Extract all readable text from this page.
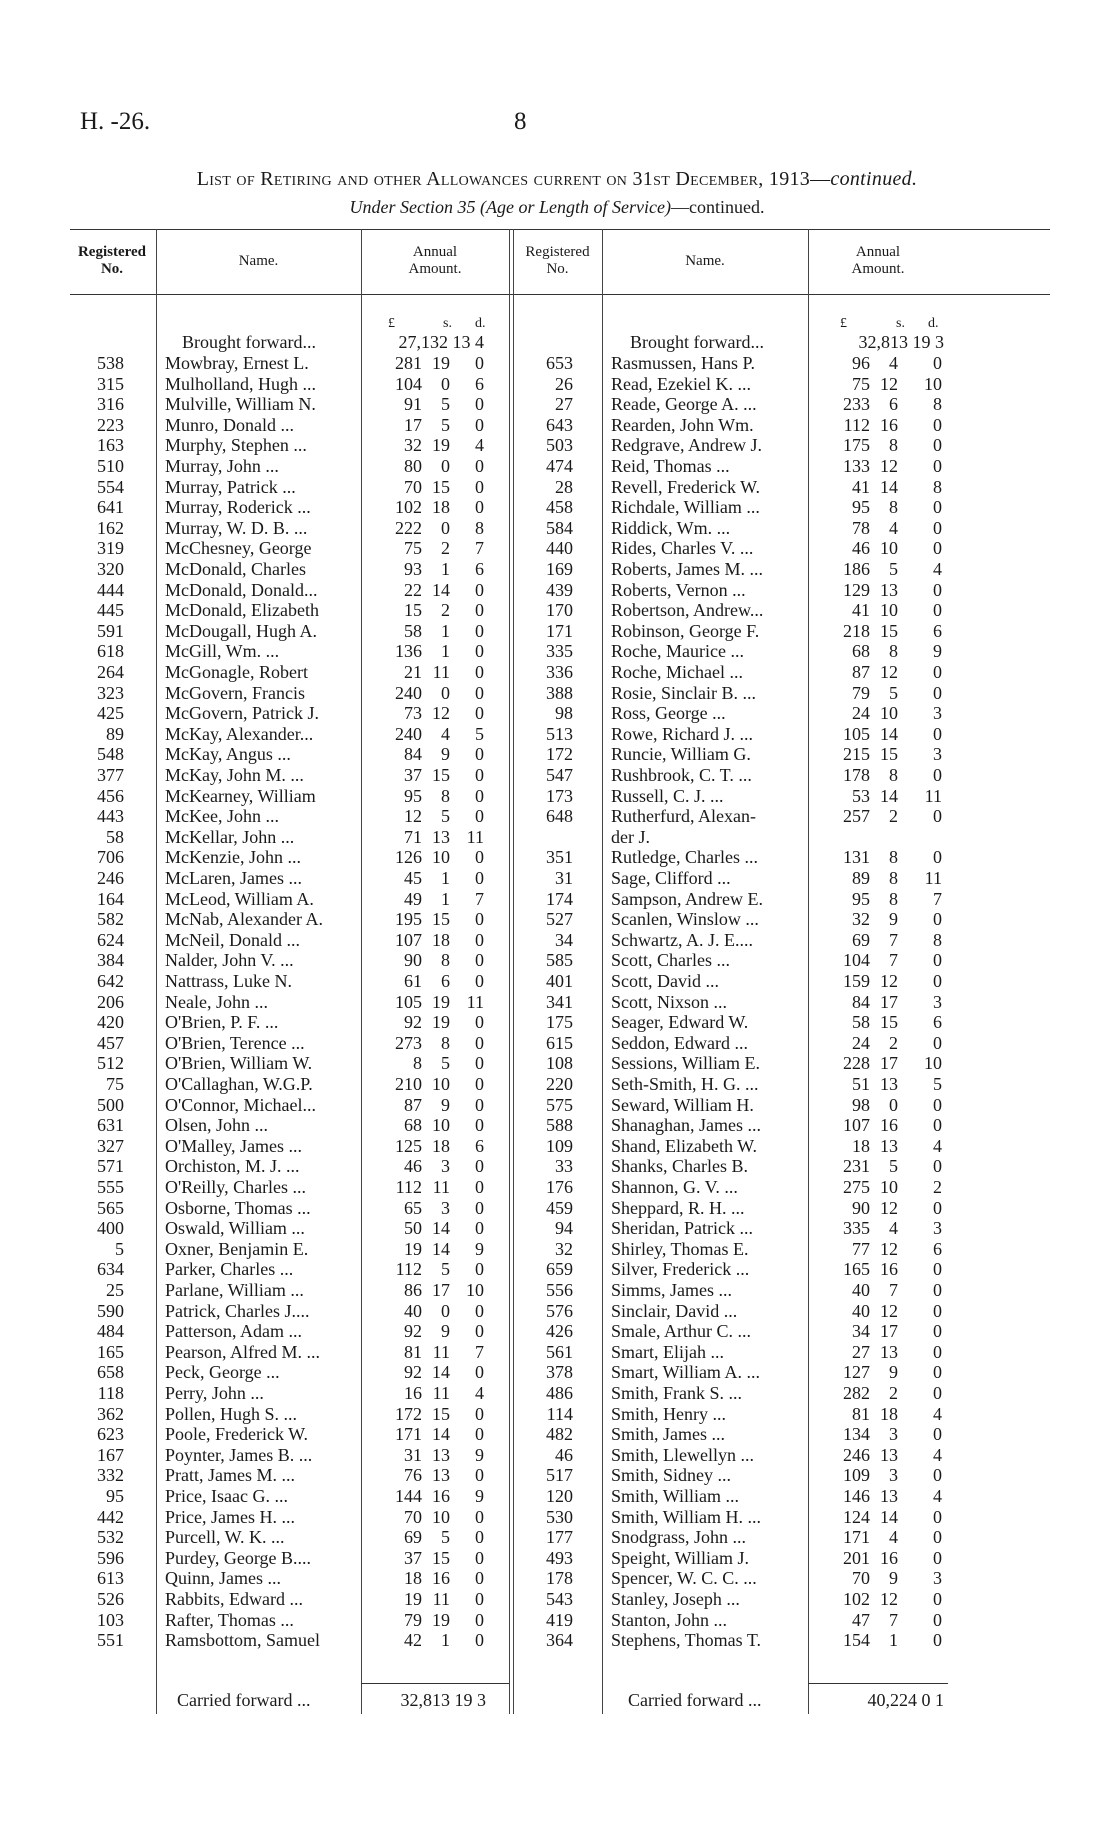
H. -26.	8
List of Retiring and other Allowances current on 31st December, 1913—continued.
Under Section 35 (Age or Length of Service)—continued.
Registered
No.	Name.
Annual
Amount.
Registered
No.	Name.
Annual
Amount.
£	s. d.	£	s. d.
Brought forward...	27,132 13 4	Brought forward...	32,813 19 3
538 Mowbray, Ernest L.	281 19	0
315 Mulholland, Hugh ...	104	0	6
316 Mulville, William N.	91	5	0
223 Munro, Donald ...	17	5	0
163 Murphy, Stephen ...	32 19	4
510 Murray, John ...	80	0	0
554 Murray, Patrick ...	70 15	0
641 Murray, Roderick ...	102 18	0
162 Murray, W. D. B. ...	222	0	8
319 McChesney, George	75	2	7
320 McDonald, Charles	93	1	6
444 McDonald, Donald...	22 14	0
445 McDonald, Elizabeth	15	2	0
591 McDougall, Hugh A.	58	1	0
618 McGill, Wm. ...	136	1	0
264 McGonagle, Robert	21 11	0
323 McGovern, Francis	240	0	0
425 McGovern, Patrick J.	73 12	0
89 McKay, Alexander...	240	4	5
548 McKay, Angus ...	84	9	0
377 McKay, John M. ...	37 15	0
456 McKearney, William	95	8	0
443 McKee, John ...	12	5	0
58 McKellar, John ...	71 13 11
706 McKenzie, John ...	126 10	0
246 McLaren, James ...	45	1	0
164 McLeod, William A.	49	1	7
582 McNab, Alexander A.	195 15	0
624 McNeil, Donald ...	107 18	0
384 Nalder, John V. ...	90	8	0
642 Nattrass, Luke N.	61	6	0
206 Neale, John ...	105 19 11
420 O'Brien, P. F. ...	92 19	0
457 O'Brien, Terence ...	273	8	0
512 O'Brien, William W.	8	5	0
75 O'Callaghan, W.G.P.	210 10	0
500 O'Connor, Michael...	87	9	0
631 Olsen, John ...	68 10	0
327 O'Malley, James ...	125 18	6
571 Orchiston, M. J. ...	46	3	0
555 O'Reilly, Charles ...	112 11	0
565 Osborne, Thomas ...	65	3	0
400 Oswald, William ...	50 14	0
5 Oxner, Benjamin E.	19 14	9
634 Parker, Charles ...	112	5	0
25 Parlane, William ...	86 17 10
590 Patrick, Charles J....	40	0	0
484 Patterson, Adam ...	92	9	0
165 Pearson, Alfred M. ...	81 11	7
658 Peck, George ...	92 14	0
118 Perry, John ...	16 11	4
362 Pollen, Hugh S. ...	172 15	0
623 Poole, Frederick W.	171 14	0
167 Poynter, James B. ...	31 13	9
332 Pratt, James M. ...	76 13	0
95 Price, Isaac G. ...	144 16	9
442 Price, James H. ...	70 10	0
532 Purcell, W. K. ...	69	5	0
596 Purdey, George B....	37 15	0
613 Quinn, James ...	18 16	0
526 Rabbits, Edward ...	19 11	0
103 Rafter, Thomas ...	79 19	0
551 Ramsbottom, Samuel	42	1	0
653 Rasmussen, Hans P.	96	4	0
26 Read, Ezekiel K. ...	75 12	10
27 Reade, George A. ...	233	6	8
643 Rearden, John Wm.	112 16	0
503 Redgrave, Andrew J.	175	8	0
474 Reid, Thomas ...	133 12	0
28 Revell, Frederick W.	41 14	8
458 Richdale, William ...	95	8	0
584 Riddick, Wm. ...	78	4	0
440 Rides, Charles V. ...	46 10	0
169 Roberts, James M. ...	186	5	4
439 Roberts, Vernon ...	129 13	0
170 Robertson, Andrew...	41 10	0
171 Robinson, George F.	218 15	6
335 Roche, Maurice ...	68	8	9
336 Roche, Michael ...	87 12	0
388 Rosie, Sinclair B. ...	79	5	0
98 Ross, George ...	24 10	3
513 Rowe, Richard J. ...	105 14	0
172 Runcie, William G.	215 15	3
547 Rushbrook, C. T. ...	178	8	0
173 Russell, C. J. ...	53 14	11
648 Rutherfurd, Alexan-	257	2	0
der J.
351 Rutledge, Charles ...	131	8	0
31 Sage, Clifford ...	89	8	11
174 Sampson, Andrew E.	95	8	7
527 Scanlen, Winslow ...	32	9	0
34 Schwartz, A. J. E....	69	7	8
585 Scott, Charles ...	104	7	0
401 Scott, David ...	159 12	0
341 Scott, Nixson ...	84 17	3
175 Seager, Edward W.	58 15	6
615 Seddon, Edward ...	24	2	0
108 Sessions, William E.	228 17	10
220 Seth-Smith, H. G. ...	51 13	5
575 Seward, William H.	98	0	0
588 Shanaghan, James ...	107 16	0
109 Shand, Elizabeth W.	18 13	4
33 Shanks, Charles B.	231	5	0
176 Shannon, G. V. ...	275 10	2
459 Sheppard, R. H. ...	90 12	0
94 Sheridan, Patrick ...	335	4	3
32 Shirley, Thomas E.	77 12	6
659 Silver, Frederick ...	165 16	0
556 Simms, James ...	40	7	0
576 Sinclair, David ...	40 12	0
426 Smale, Arthur C. ...	34 17	0
561 Smart, Elijah ...	27 13	0
378 Smart, William A. ...	127	9	0
486 Smith, Frank S. ...	282	2	0
114 Smith, Henry ...	81 18	4
482 Smith, James ...	134	3	0
46 Smith, Llewellyn ...	246 13	4
517 Smith, Sidney ...	109	3	0
120 Smith, William ...	146 13	4
530 Smith, William H. ...	124 14	0
177 Snodgrass, John ...	171	4	0
493 Speight, William J.	201 16	0
178 Spencer, W. C. C. ...	70	9	3
543 Stanley, Joseph ...	102 12	0
419 Stanton, John ...	47	7	0
364 Stephens, Thomas T.	154	1	0
Carried forward ...	32,813 19 3	Carried forward ...	40,224 0 1
